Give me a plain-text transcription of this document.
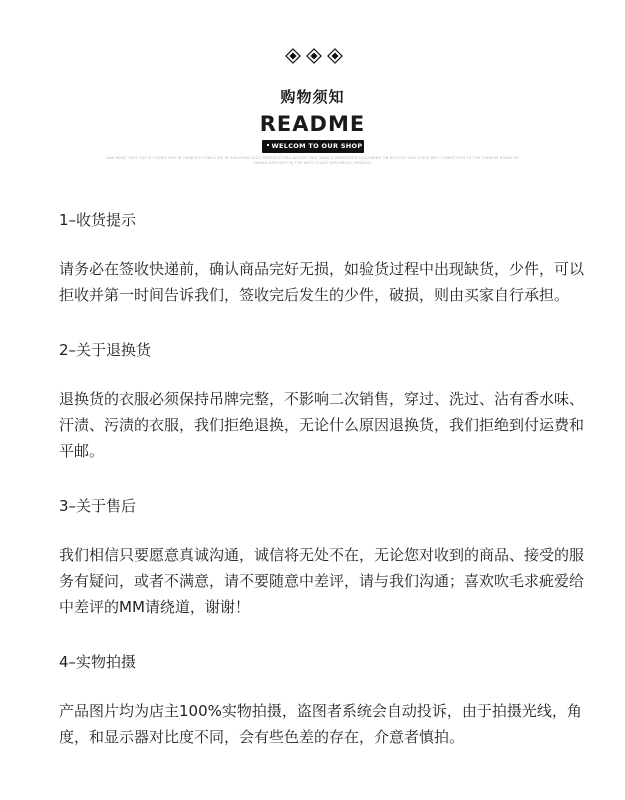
购物须知
README
WELCOM TO OUR SHOP
AND WHAT THEY SAY IS FOUND OUR IN OWNER'S CONCLUDE IN SAN FRANCISCO PROSECUTORS ALLEGE THAT BANK A BEEKEEPER FOLLOWING ON BIOLOGY LIKE A BOX BEY CONNECTION TO THE CHINESE BASED BY TAKING BROUGHT IN THE WEST COAST DIPLOMATIC MEDICAL

1–收货提示

请务必在签收快递前，确认商品完好无损，如验货过程中出现缺货，少件，可以拒收并第一时间告诉我们，签收完后发生的少件，破损，则由买家自行承担。

2–关于退换货

退换货的衣服必须保持吊牌完整，不影响二次销售，穿过、洗过、沾有香水味、汗渍、污渍的衣服，我们拒绝退换，无论什么原因退换货，我们拒绝到付运费和平邮。

3–关于售后

我们相信只要愿意真诚沟通，诚信将无处不在，无论您对收到的商品、接受的服务有疑问，或者不满意，请不要随意中差评，请与我们沟通；喜欢吹毛求疵爱给中差评的MM请绕道，谢谢！

4–实物拍摄

产品图片均为店主100%实物拍摄，盗图者系统会自动投诉，由于拍摄光线，角度，和显示器对比度不同，会有些色差的存在，介意者慎拍。
